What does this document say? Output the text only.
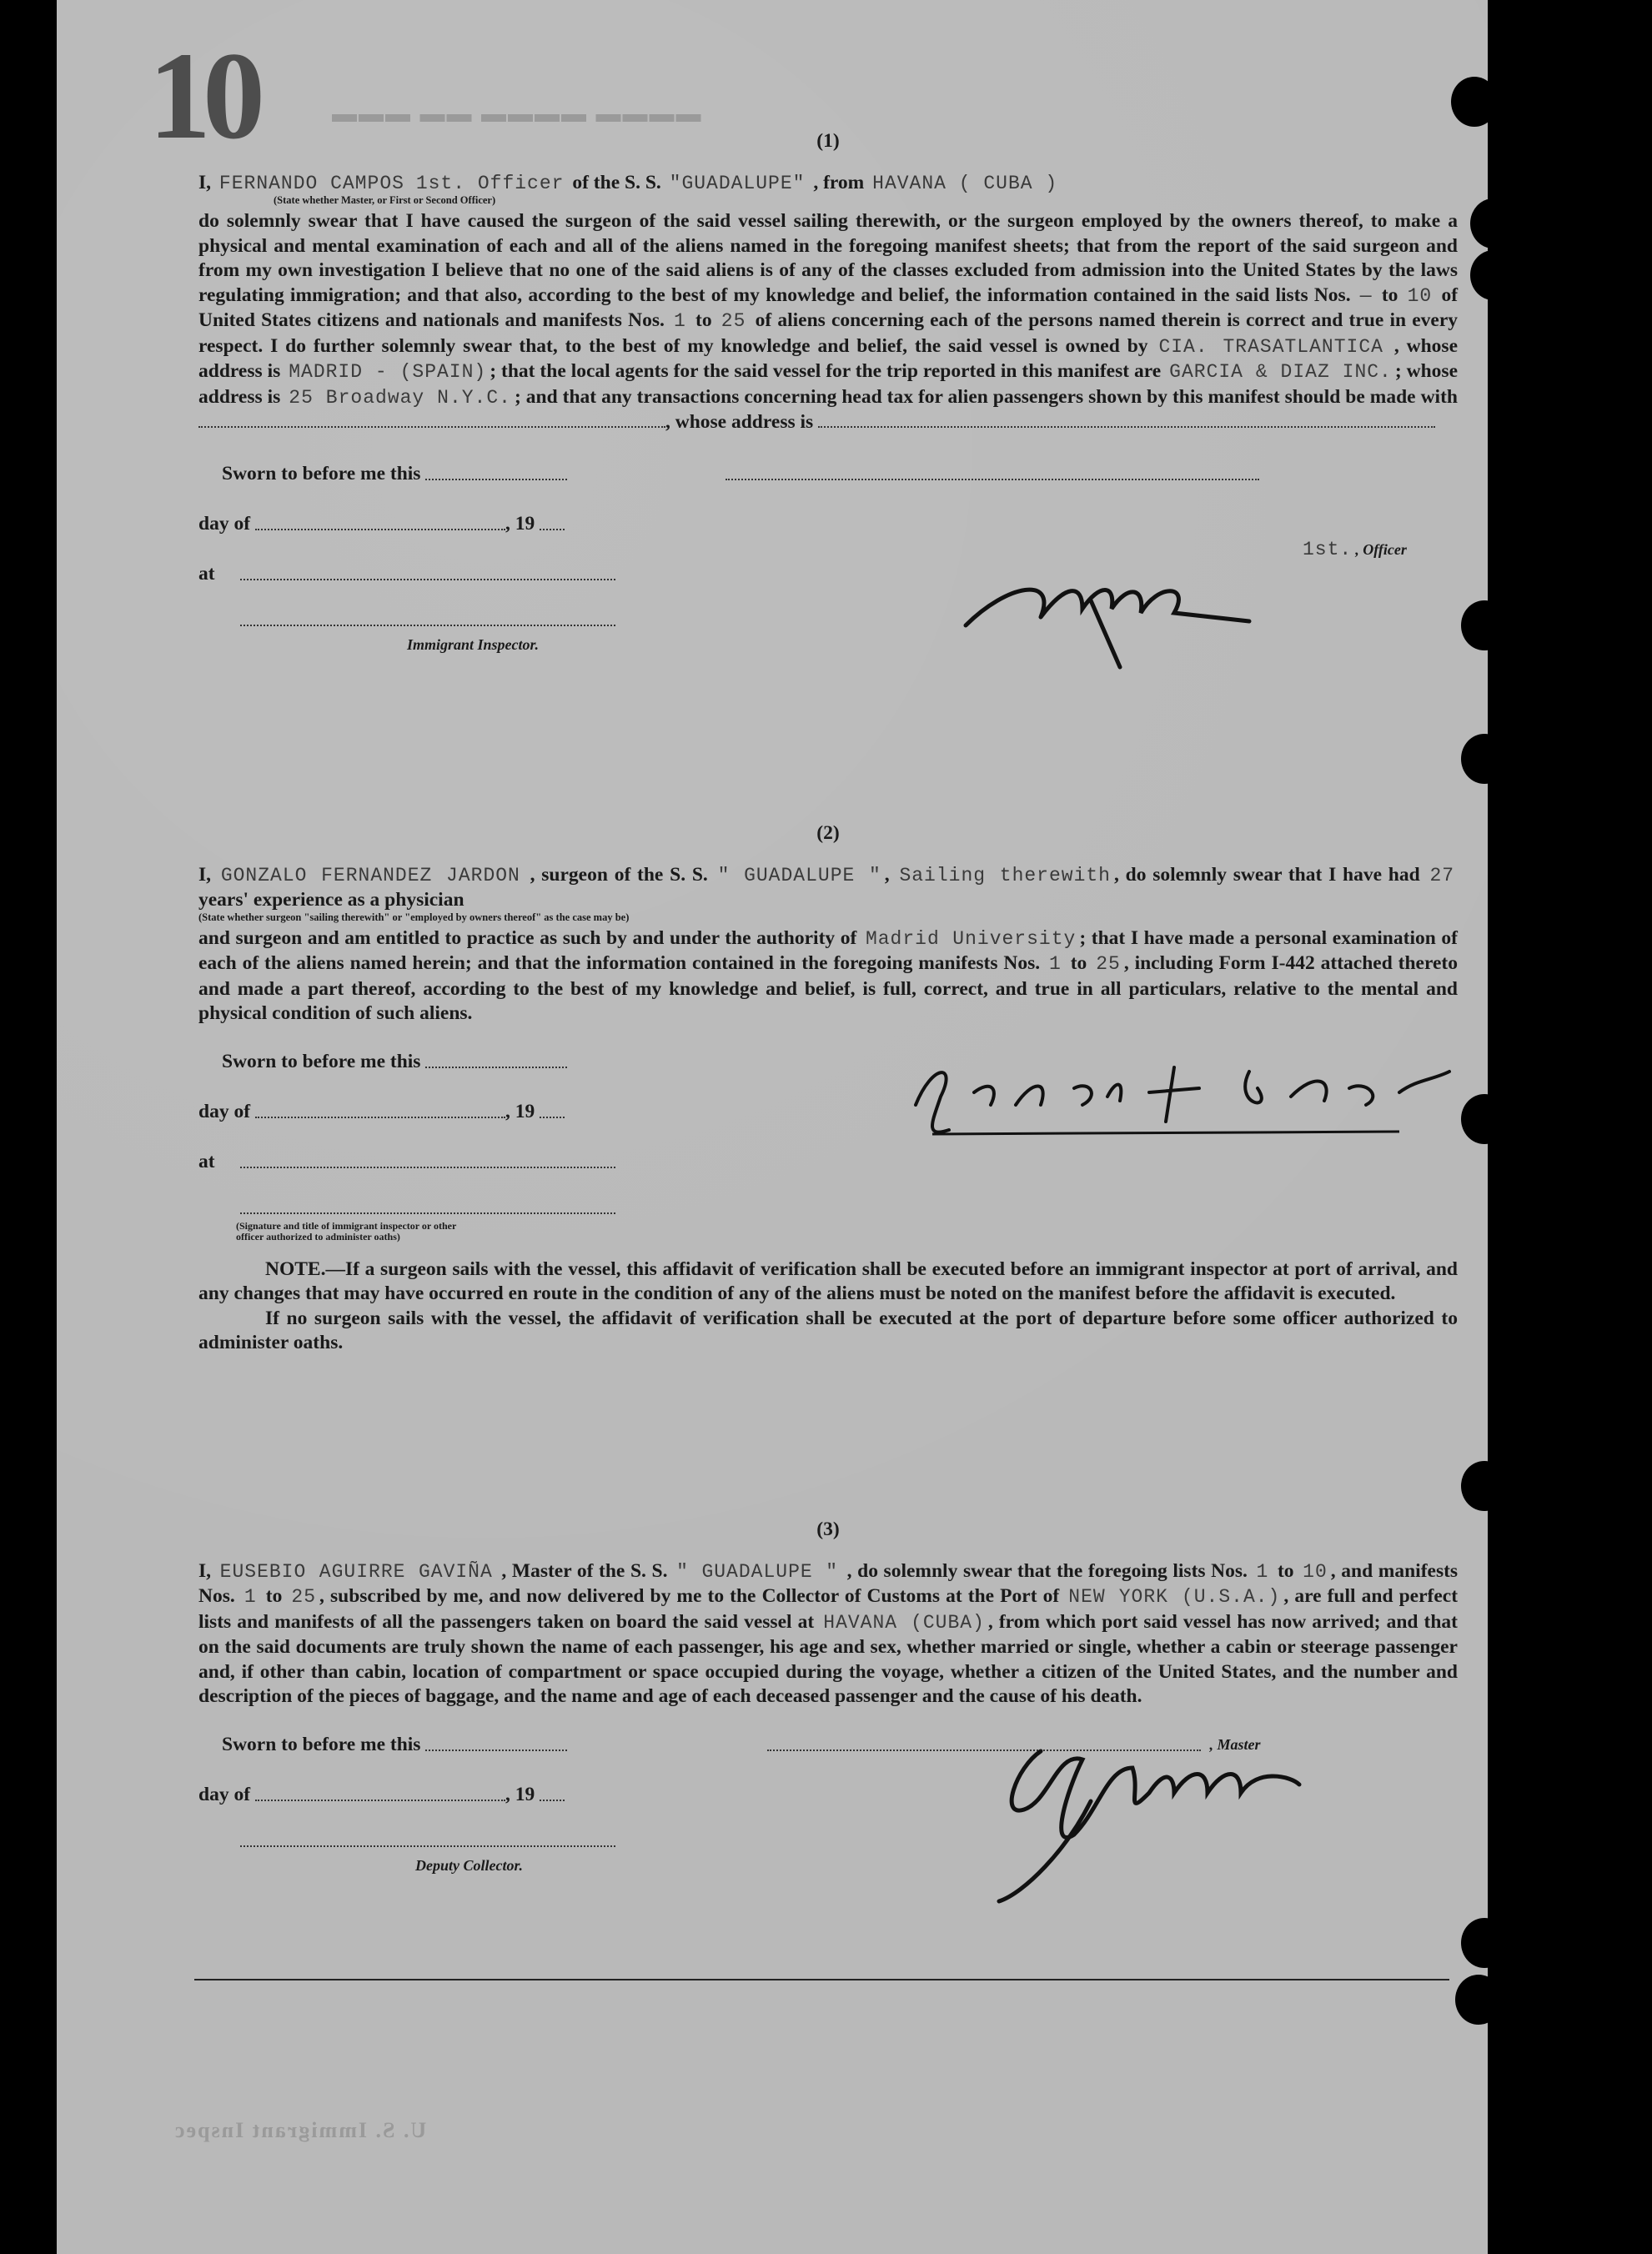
10	▬▬▬ ▬▬ ▬▬▬▬ ▬▬▬▬
(1)
I, FERNANDO CAMPOS 1st. Officer of the S. S. "GUADALUPE" , from HAVANA ( CUBA )
(State whether Master, or First or Second Officer)
do solemnly swear that I have caused the surgeon of the said vessel sailing therewith, or the surgeon employed by the owners thereof, to make a physical and mental examination of each and all of the aliens named in the foregoing manifest sheets; that from the report of the said surgeon and from my own investigation I believe that no one of the said aliens is of any of the classes excluded from admission into the United States by the laws regulating immigration; and that also, according to the best of my knowledge and belief, the information contained in the said lists Nos. — to 10 of United States citizens and nationals and manifests Nos. 1 to 25 of aliens concerning each of the persons named therein is correct and true in every respect. I do further solemnly swear that, to the best of my knowledge and belief, the said vessel is owned by CIA. TRASATLANTICA , whose address is MADRID - (SPAIN) ; that the local agents for the said vessel for the trip reported in this manifest are GARCIA & DIAZ INC. ; whose address is 25 Broadway N.Y.C. ; and that any transactions concerning head tax for alien passengers shown by this manifest should be made with , whose address is
Sworn to before me this
day of	, 19
at
Immigrant Inspector.
1st. , Officer
(2)
I, GONZALO FERNANDEZ JARDON , surgeon of the S. S. " GUADALUPE " , Sailing therewith , do solemnly swear that I have had 27 years' experience as a physician
(State whether surgeon "sailing therewith" or "employed by owners thereof" as the case may be)
and surgeon and am entitled to practice as such by and under the authority of Madrid University ; that I have made a personal examination of each of the aliens named herein; and that the information contained in the foregoing manifests Nos. 1 to 25 , including Form I-442 attached thereto and made a part thereof, according to the best of my knowledge and belief, is full, correct, and true in all particulars, relative to the mental and physical condition of such aliens.
Sworn to before me this
day of	, 19
at
(Signature and title of immigrant inspector or other officer authorized to administer oaths)
NOTE.—If a surgeon sails with the vessel, this affidavit of verification shall be executed before an immigrant inspector at port of arrival, and any changes that may have occurred en route in the condition of any of the aliens must be noted on the manifest before the affidavit is executed.
If no surgeon sails with the vessel, the affidavit of verification shall be executed at the port of departure before some officer authorized to administer oaths.
(3)
I, EUSEBIO AGUIRRE GAVIÑA , Master of the S. S. " GUADALUPE " , do solemnly swear that the foregoing lists Nos. 1 to 10 , and manifests Nos. 1 to 25 , subscribed by me, and now delivered by me to the Collector of Customs at the Port of NEW YORK (U.S.A.) , are full and perfect lists and manifests of all the passengers taken on board the said vessel at HAVANA (CUBA) , from which port said vessel has now arrived; and that on the said documents are truly shown the name of each passenger, his age and sex, whether married or single, whether a cabin or steerage passenger and, if other than cabin, location of compartment or space occupied during the voyage, whether a citizen of the United States, and the number and description of the pieces of baggage, and the name and age of each deceased passenger and the cause of his death.
Sworn to before me this	, Master
day of	, 19
Deputy Collector.
U. S. Immigrant Inspec
